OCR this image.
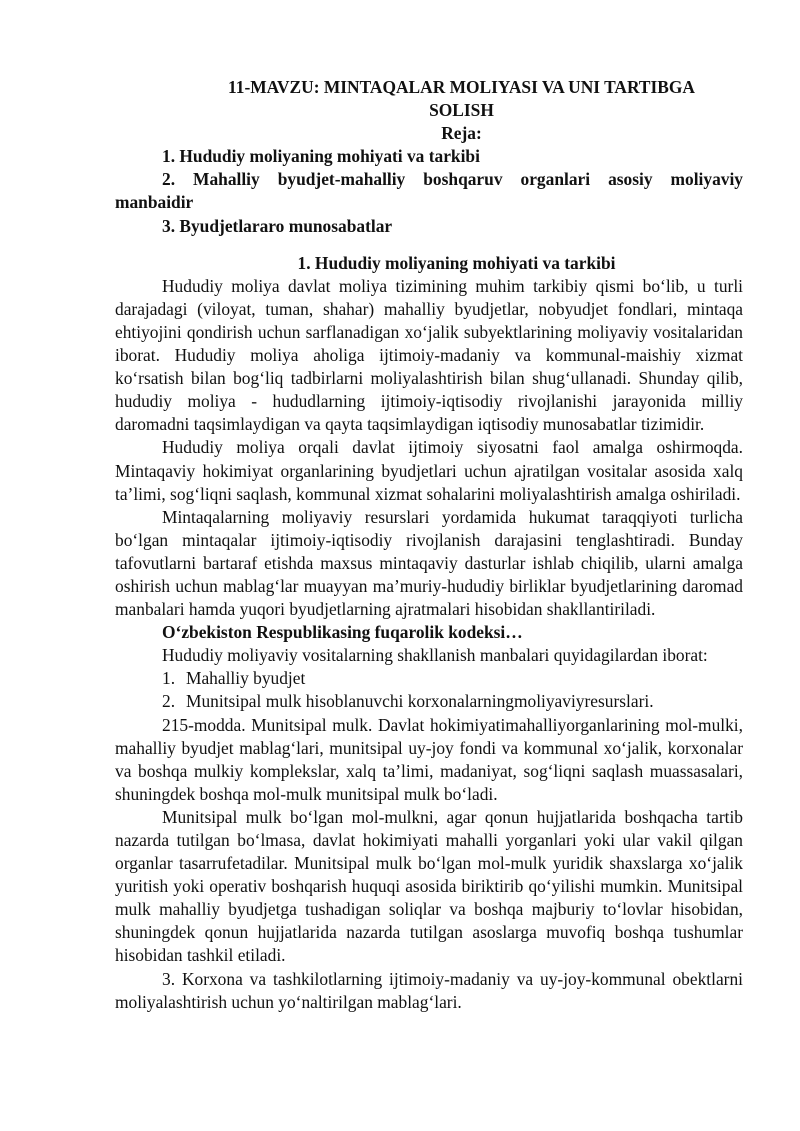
11-MAVZU: MINTAQALAR MOLIYASI VA UNI TARTIBGA

SOLISH

Reja:

1. Hududiy moliyaning mohiyati va tarkibi

2. Mahalliy byudjet-mahalliy boshqaruv organlari asosiy moliyaviy manbaidir

3. Byudjetlararo munosabatlar

1. Hududiy moliyaning mohiyati va tarkibi

Hududiy moliya davlat moliya tizimining muhim tarkibiy qismi bo‘lib, u turli darajadagi (viloyat, tuman, shahar) mahalliy byudjetlar, nobyudjet fondlari, mintaqa ehtiyojini qondirish uchun sarflanadigan xo‘jalik subyektlarining moliyaviy vositalaridan iborat. Hududiy moliya aholiga ijtimoiy-madaniy va kommunal-maishiy xizmat ko‘rsatish bilan bog‘liq tadbirlarni moliyalashtirish bilan shug‘ullanadi. Shunday qilib, hududiy moliya - hududlarning ijtimoiy-iqtisodiy rivojlanishi jarayonida milliy daromadni taqsimlaydigan va qayta taqsimlaydigan iqtisodiy munosabatlar tizimidir.

Hududiy moliya orqali davlat ijtimoiy siyosatni faol amalga oshirmoqda. Mintaqaviy hokimiyat organlarining byudjetlari uchun ajratilgan vositalar asosida xalq ta’limi, sog‘liqni saqlash, kommunal xizmat sohalarini moliyalashtirish amalga oshiriladi.

Mintaqalarning moliyaviy resurslari yordamida hukumat taraqqiyoti turlicha bo‘lgan mintaqalar ijtimoiy-iqtisodiy rivojlanish darajasini tenglashtiradi. Bunday tafovutlarni bartaraf etishda maxsus mintaqaviy dasturlar ishlab chiqilib, ularni amalga oshirish uchun mablag‘lar muayyan ma’muriy-hududiy birliklar byudjetlarining daromad manbalari hamda yuqori byudjetlarning ajratmalari hisobidan shakllantiriladi.

O‘zbekiston Respublikasing fuqarolik kodeksi…

Hududiy moliyaviy vositalarning shakllanish manbalari quyidagilardan iborat:

1. Mahalliy byudjet

2. Munitsipal mulk hisoblanuvchi korxonalarningmoliyaviyresurslari.

215-modda. Munitsipal mulk. Davlat hokimiyatimahalliyorganlarining mol-mulki, mahalliy byudjet mablag‘lari, munitsipal uy-joy fondi va kommunal xo‘jalik, korxonalar va boshqa mulkiy komplekslar, xalq ta’limi, madaniyat, sog‘liqni saqlash muassasalari, shuningdek boshqa mol-mulk munitsipal mulk bo‘ladi.

Munitsipal mulk bo‘lgan mol-mulkni, agar qonun hujjatlarida boshqacha tartib nazarda tutilgan bo‘lmasa, davlat hokimiyati mahalli yorganlari yoki ular vakil qilgan organlar tasarrufetadilar. Munitsipal mulk bo‘lgan mol-mulk yuridik shaxslarga xo‘jalik yuritish yoki operativ boshqarish huquqi asosida biriktirib qo‘yilishi mumkin. Munitsipal mulk mahalliy byudjetga tushadigan soliqlar va boshqa majburiy to‘lovlar hisobidan, shuningdek qonun hujjatlarida nazarda tutilgan asoslarga muvofiq boshqa tushumlar hisobidan tashkil etiladi.

3. Korxona va tashkilotlarning ijtimoiy-madaniy va uy-joy-kommunal obektlarni moliyalashtirish uchun yo‘naltirilgan mablag‘lari.
